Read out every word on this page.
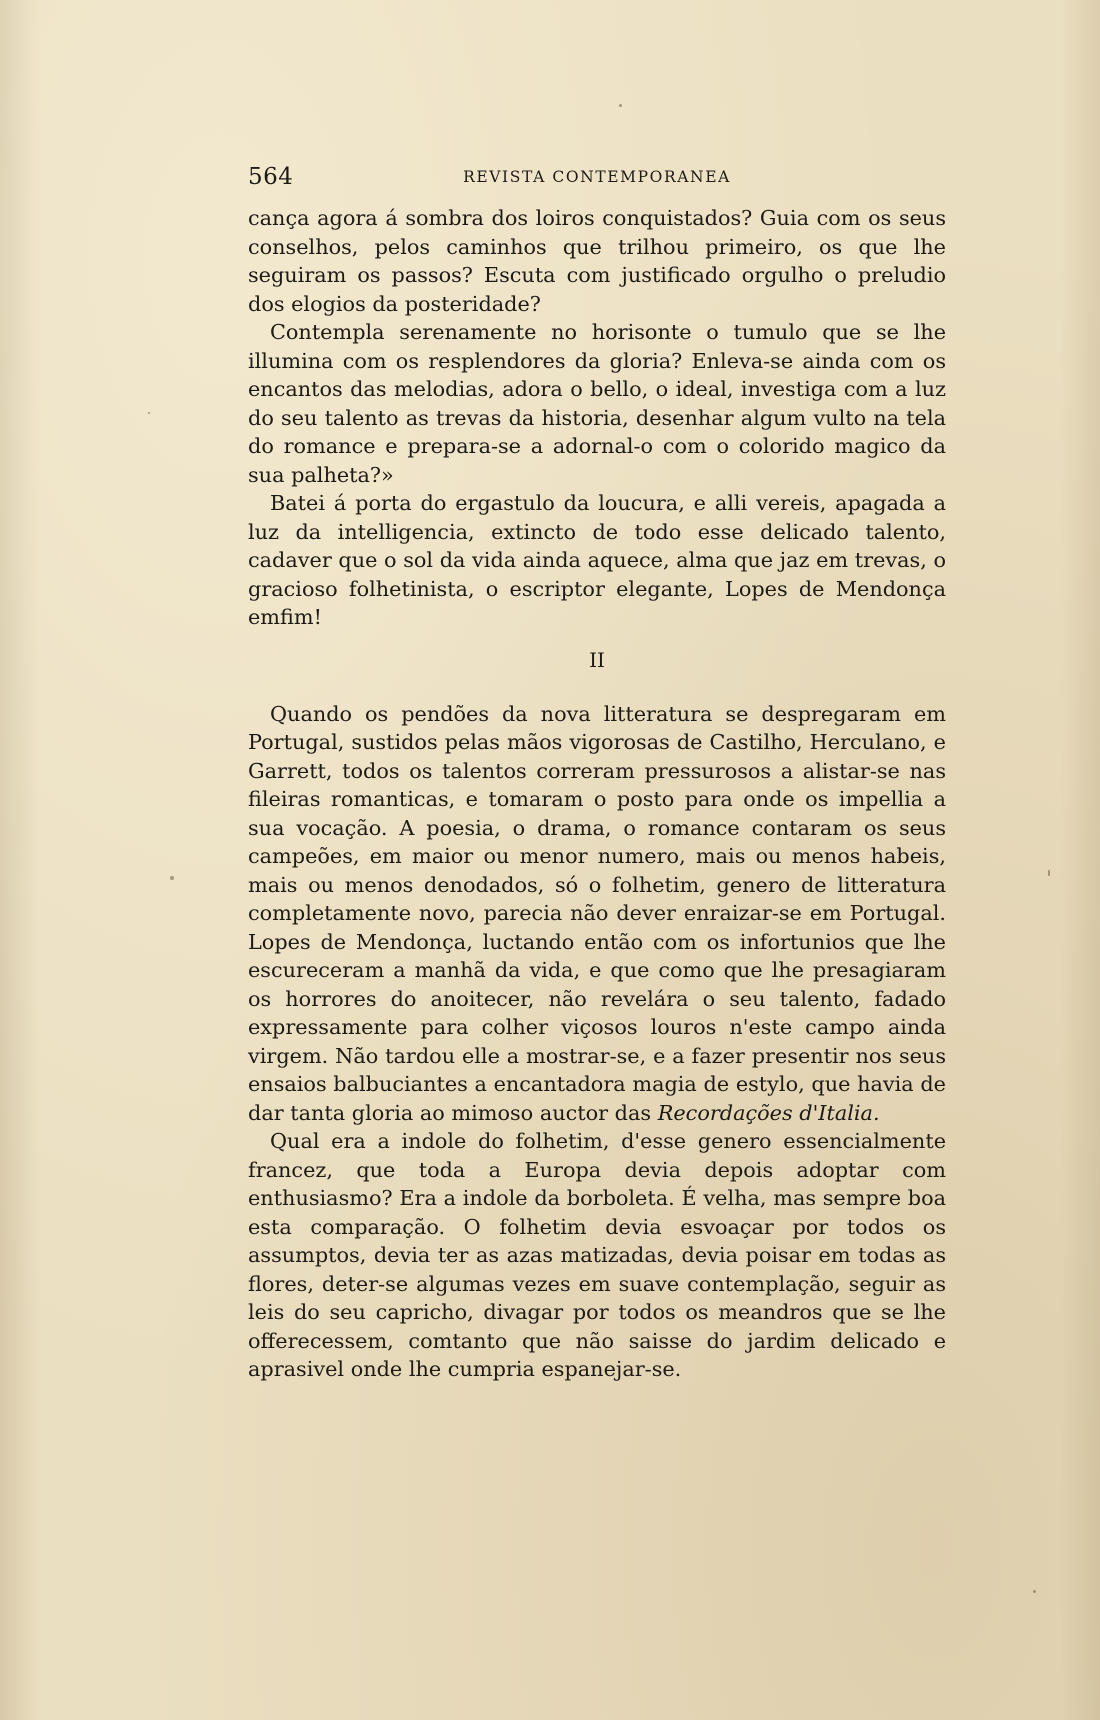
564	REVISTA CONTEMPORANEA

cança agora á sombra dos loiros conquistados? Guia com os seus conselhos, pelos caminhos que trilhou primeiro, os que lhe seguiram os passos? Escuta com justificado orgulho o preludio dos elogios da posteridade?

Contempla serenamente no horisonte o tumulo que se lhe illumina com os resplendores da gloria? Enleva-se ainda com os encantos das melodias, adora o bello, o ideal, investiga com a luz do seu talento as trevas da historia, desenhar algum vulto na tela do romance e prepara-se a adornal-o com o colorido magico da sua palheta?»

Batei á porta do ergastulo da loucura, e alli vereis, apagada a luz da intelligencia, extincto de todo esse delicado talento, cadaver que o sol da vida ainda aquece, alma que jaz em trevas, o gracioso folhetinista, o escriptor elegante, Lopes de Mendonça emfim!

II

Quando os pendões da nova litteratura se despregaram em Portugal, sustidos pelas mãos vigorosas de Castilho, Herculano, e Garrett, todos os talentos correram pressurosos a alistar-se nas fileiras romanticas, e tomaram o posto para onde os impellia a sua vocação. A poesia, o drama, o romance contaram os seus campeões, em maior ou menor numero, mais ou menos habeis, mais ou menos denodados, só o folhetim, genero de litteratura completamente novo, parecia não dever enraizar-se em Portugal. Lopes de Mendonça, luctando então com os infortunios que lhe escureceram a manhã da vida, e que como que lhe presagiaram os horrores do anoitecer, não revelára o seu talento, fadado expressamente para colher viçosos louros n'este campo ainda virgem. Não tardou elle a mostrar-se, e a fazer presentir nos seus ensaios balbuciantes a encantadora magia de estylo, que havia de dar tanta gloria ao mimoso auctor das Recordações d'Italia.

Qual era a indole do folhetim, d'esse genero essencialmente francez, que toda a Europa devia depois adoptar com enthusiasmo? Era a indole da borboleta. É velha, mas sempre boa esta comparação. O folhetim devia esvoaçar por todos os assumptos, devia ter as azas matizadas, devia poisar em todas as flores, deter-se algumas vezes em suave contemplação, seguir as leis do seu capricho, divagar por todos os meandros que se lhe offerecessem, comtanto que não saisse do jardim delicado e aprasivel onde lhe cumpria espanejar-se.
